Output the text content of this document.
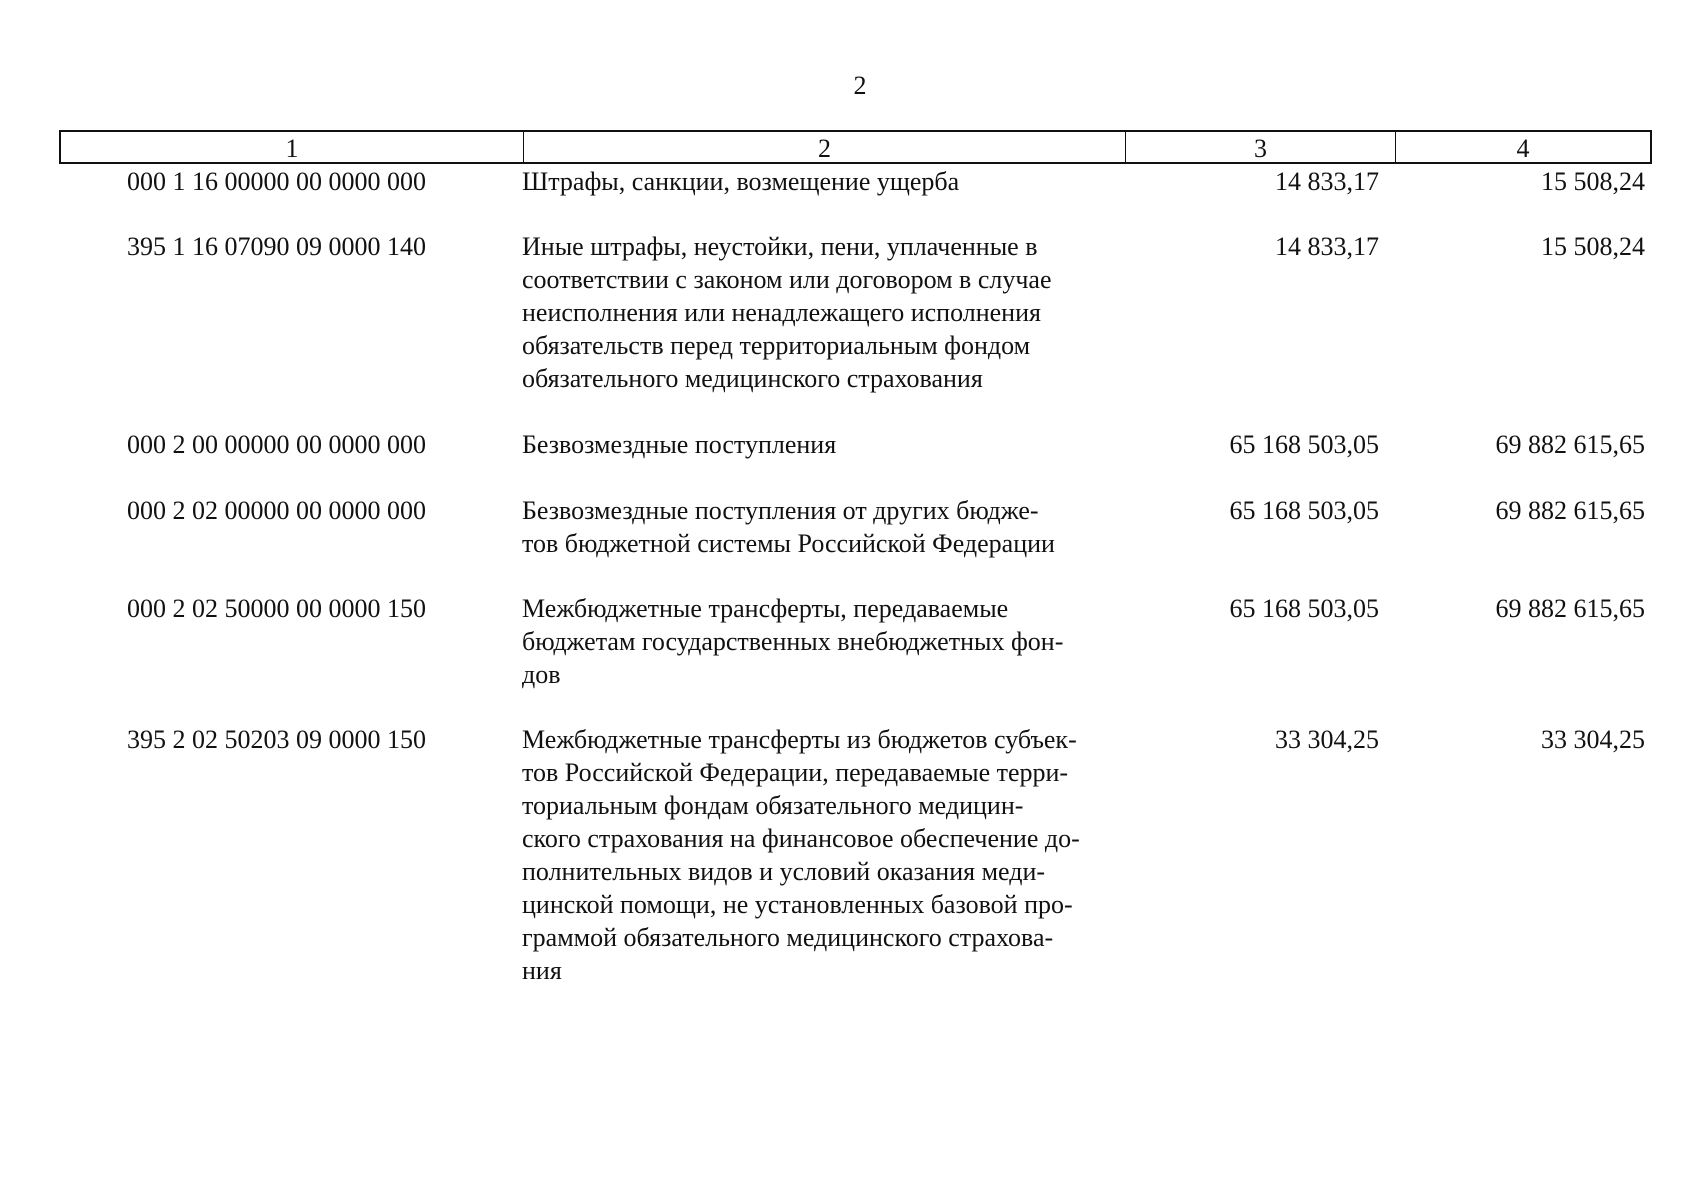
2
1	2	3	4
000 1 16 00000 00 0000 000	Штрафы, санкции, возмещение ущерба	14 833,17	15 508,24
395 1 16 07090 09 0000 140	Иные штрафы, неустойки, пени, уплаченные в
соответствии с законом или договором в случае
неисполнения или ненадлежащего исполнения
обязательств перед территориальным фондом
обязательного медицинского страхования
14 833,17	15 508,24
000 2 00 00000 00 0000 000	Безвозмездные поступления	65 168 503,05	69 882 615,65
000 2 02 00000 00 0000 000	Безвозмездные поступления от других бюдже-
тов бюджетной системы Российской Федерации
65 168 503,05	69 882 615,65
000 2 02 50000 00 0000 150	Межбюджетные трансферты, передаваемые
бюджетам государственных внебюджетных фон-
дов
65 168 503,05	69 882 615,65
395 2 02 50203 09 0000 150	Межбюджетные трансферты из бюджетов субъек-
тов Российской Федерации, передаваемые терри-
ториальным фондам обязательного медицин-
ского страхования на финансовое обеспечение до-
полнительных видов и условий оказания меди-
цинской помощи, не установленных базовой про-
граммой обязательного медицинского страхова-
ния
33 304,25	33 304,25
